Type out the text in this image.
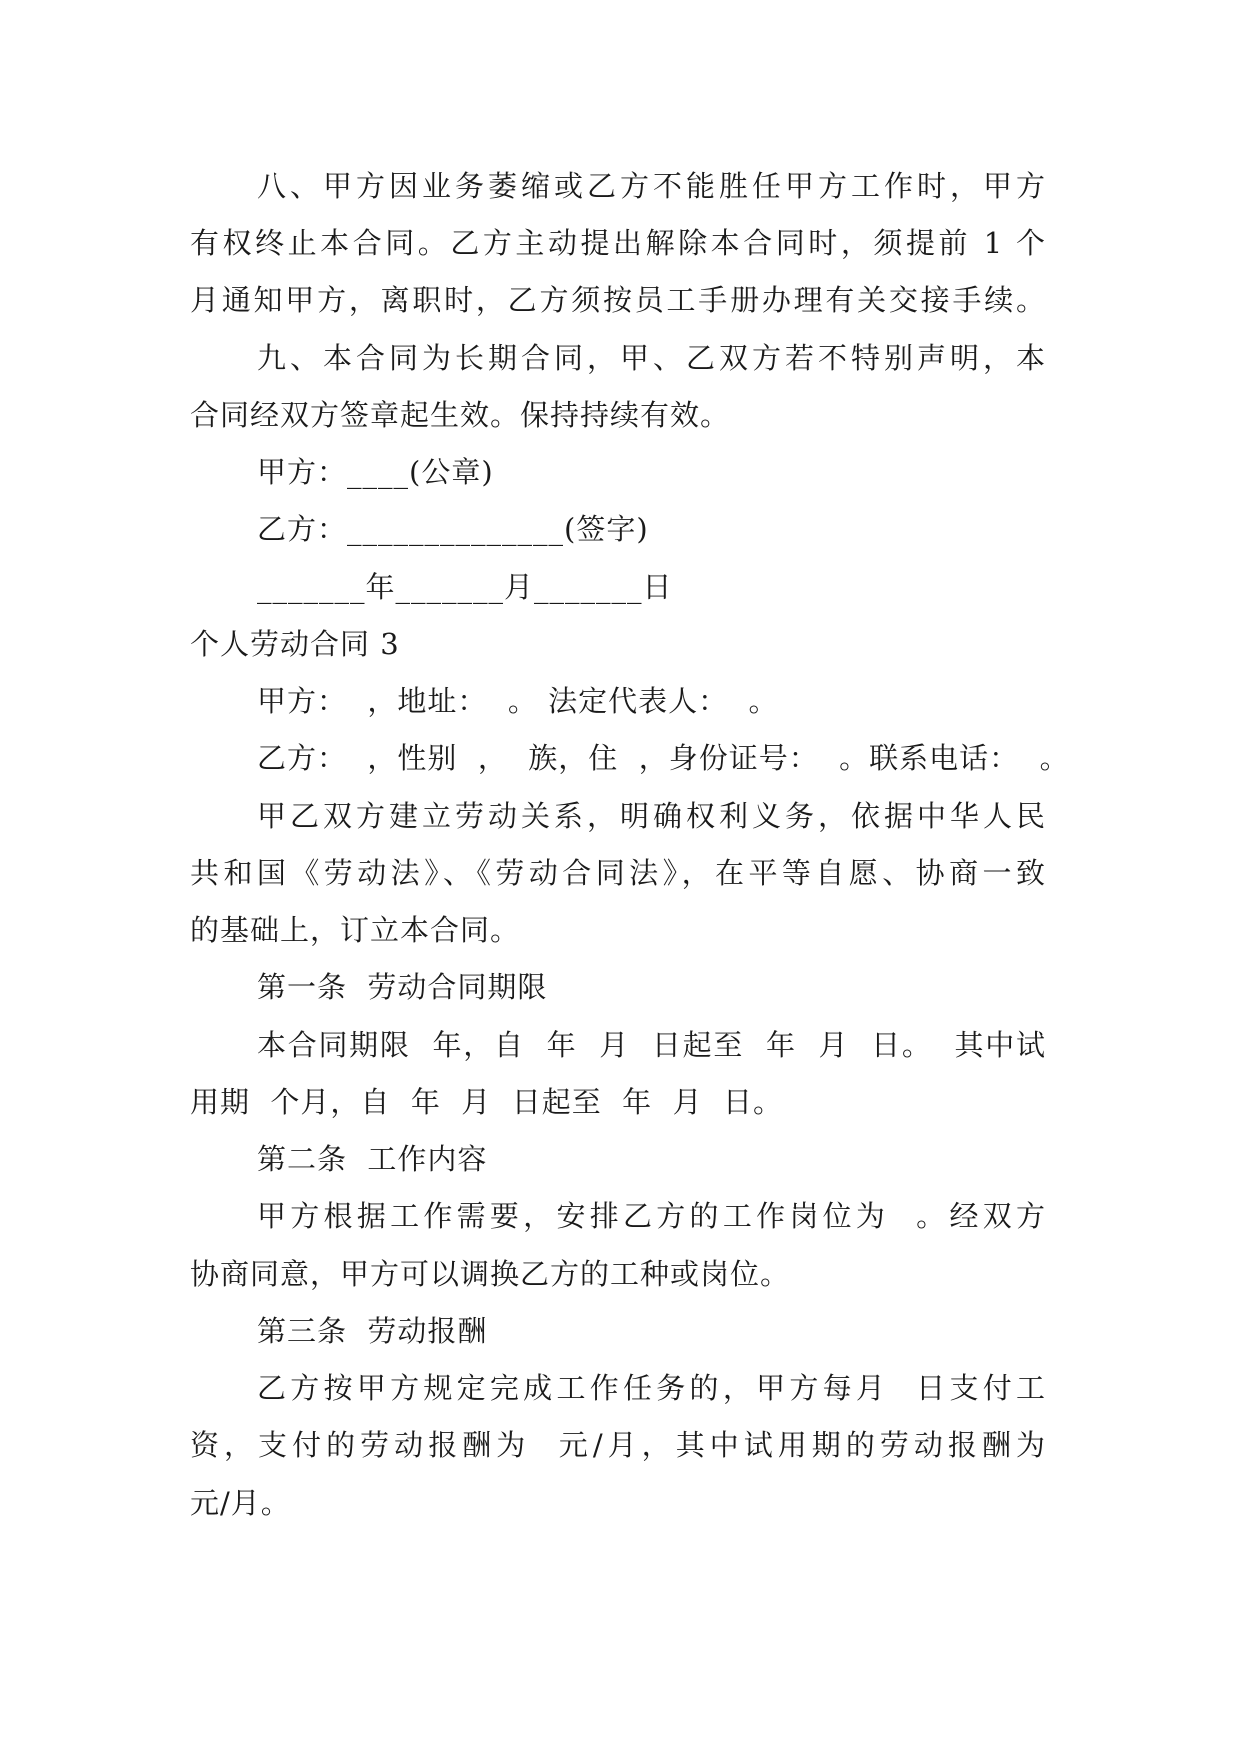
八、甲方因业务萎缩或乙方不能胜任甲方工作时，甲方
有权终止本合同。乙方主动提出解除本合同时，须提前 1 个
月通知甲方，离职时，乙方须按员工手册办理有关交接手续。
九、本合同为长期合同，甲、乙双方若不特别声明，本
合同经双方签章起生效。保持持续有效。
甲方：____(公章)
乙方：______________(签字)
_______年_______月_______日
个人劳动合同 3
甲方：  ，地址：  。 法定代表人：  。
乙方：  ，性别  ，  族，住  ，身份证号：  。联系电话：  。
甲乙双方建立劳动关系，明确权利义务，依据中华人民
共和国《劳动法》、《劳动合同法》，在平等自愿、协商一致
的基础上，订立本合同。
第一条  劳动合同期限
本合同期限  年，自  年  月  日起至  年  月  日。  其中试
用期  个月，自  年  月  日起至  年  月  日。
第二条  工作内容
甲方根据工作需要，安排乙方的工作岗位为  。经双方
协商同意，甲方可以调换乙方的工种或岗位。
第三条  劳动报酬
乙方按甲方规定完成工作任务的，甲方每月  日支付工
资，支付的劳动报酬为  元/月，其中试用期的劳动报酬为
元/月。
